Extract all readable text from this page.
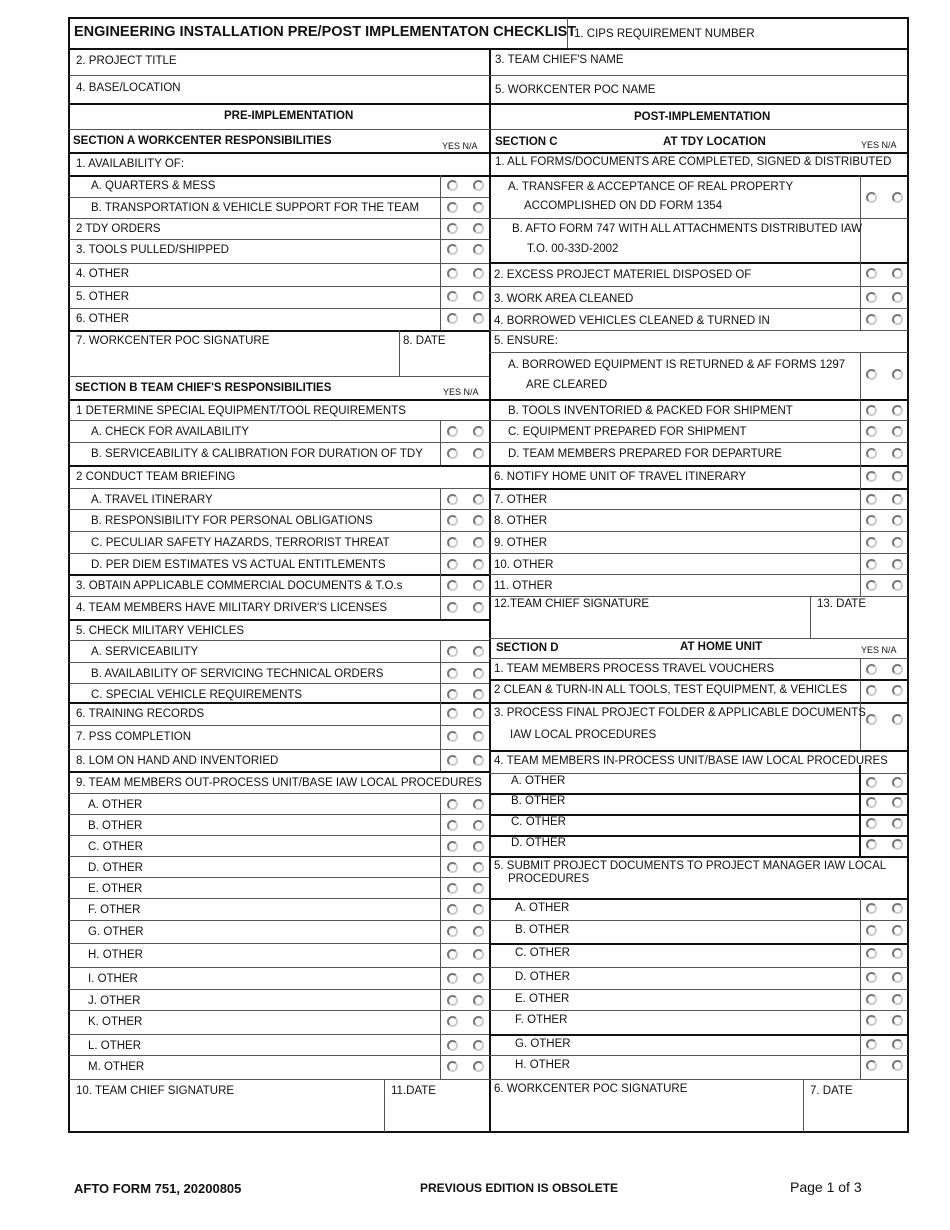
ENGINEERING INSTALLATION PRE/POST IMPLEMENTATON CHECKLIST
1. CIPS REQUIREMENT NUMBER
2. PROJECT TITLE	3. TEAM CHIEF'S NAME
4. BASE/LOCATION	5. WORKCENTER POC NAME
PRE-IMPLEMENTATION	POST-IMPLEMENTATION
SECTION A WORKCENTER RESPONSIBILITIES	YES N/A
1. AVAILABILITY OF:
A. QUARTERS & MESS
B. TRANSPORTATION & VEHICLE SUPPORT FOR THE TEAM
2 TDY ORDERS
3. TOOLS PULLED/SHIPPED
4. OTHER
5. OTHER
6. OTHER
7. WORKCENTER POC SIGNATURE	8. DATE
SECTION B TEAM CHIEF'S RESPONSIBILITIES	YES N/A
1 DETERMINE SPECIAL EQUIPMENT/TOOL REQUIREMENTS
A. CHECK FOR AVAILABILITY
B. SERVICEABILITY & CALIBRATION FOR DURATION OF TDY
2 CONDUCT TEAM BRIEFING
A. TRAVEL ITINERARY
B. RESPONSIBILITY FOR PERSONAL OBLIGATIONS
C. PECULIAR SAFETY HAZARDS, TERRORIST THREAT
D. PER DIEM ESTIMATES VS ACTUAL ENTITLEMENTS
3. OBTAIN APPLICABLE COMMERCIAL DOCUMENTS & T.O.s
4. TEAM MEMBERS HAVE MILITARY DRIVER'S LICENSES
5. CHECK MILITARY VEHICLES
A. SERVICEABILITY
B. AVAILABILITY OF SERVICING TECHNICAL ORDERS
C. SPECIAL VEHICLE REQUIREMENTS
6. TRAINING RECORDS
7. PSS COMPLETION
8. LOM ON HAND AND INVENTORIED
9. TEAM MEMBERS OUT-PROCESS UNIT/BASE IAW LOCAL PROCEDURES
A. OTHER
B. OTHER
C. OTHER
D. OTHER
E. OTHER
F. OTHER
G. OTHER
H. OTHER
I. OTHER
J. OTHER
K. OTHER
L. OTHER
M. OTHER
10. TEAM CHIEF SIGNATURE	11.DATE
SECTION C	AT TDY LOCATION	YES N/A
1. ALL FORMS/DOCUMENTS ARE COMPLETED, SIGNED & DISTRIBUTED
A. TRANSFER & ACCEPTANCE OF REAL PROPERTY
ACCOMPLISHED ON DD FORM 1354
B. AFTO FORM 747 WITH ALL ATTACHMENTS DISTRIBUTED IAW
T.O. 00-33D-2002
2. EXCESS PROJECT MATERIEL DISPOSED OF
3. WORK AREA CLEANED
4. BORROWED VEHICLES CLEANED & TURNED IN
5. ENSURE:
A. BORROWED EQUIPMENT IS RETURNED & AF FORMS 1297
ARE CLEARED
B. TOOLS INVENTORIED & PACKED FOR SHIPMENT
C. EQUIPMENT PREPARED FOR SHIPMENT
D. TEAM MEMBERS PREPARED FOR DEPARTURE
6. NOTIFY HOME UNIT OF TRAVEL ITINERARY
7. OTHER
8. OTHER
9. OTHER
10. OTHER
11. OTHER
12.TEAM CHIEF SIGNATURE	13. DATE
SECTION D	AT HOME UNIT	YES N/A
1. TEAM MEMBERS PROCESS TRAVEL VOUCHERS
2 CLEAN & TURN-IN ALL TOOLS, TEST EQUIPMENT, & VEHICLES
3. PROCESS FINAL PROJECT FOLDER & APPLICABLE DOCUMENTS
IAW LOCAL PROCEDURES
4. TEAM MEMBERS IN-PROCESS UNIT/BASE IAW LOCAL PROCEDURES
A. OTHER
B. OTHER
C. OTHER
D. OTHER
5. SUBMIT PROJECT DOCUMENTS TO PROJECT MANAGER IAW LOCAL
PROCEDURES
A. OTHER
B. OTHER
C. OTHER
D. OTHER
E. OTHER
F. OTHER
G. OTHER
H. OTHER
6. WORKCENTER POC SIGNATURE	7. DATE
AFTO FORM 751, 20200805	PREVIOUS EDITION IS OBSOLETE	Page 1 of 3
